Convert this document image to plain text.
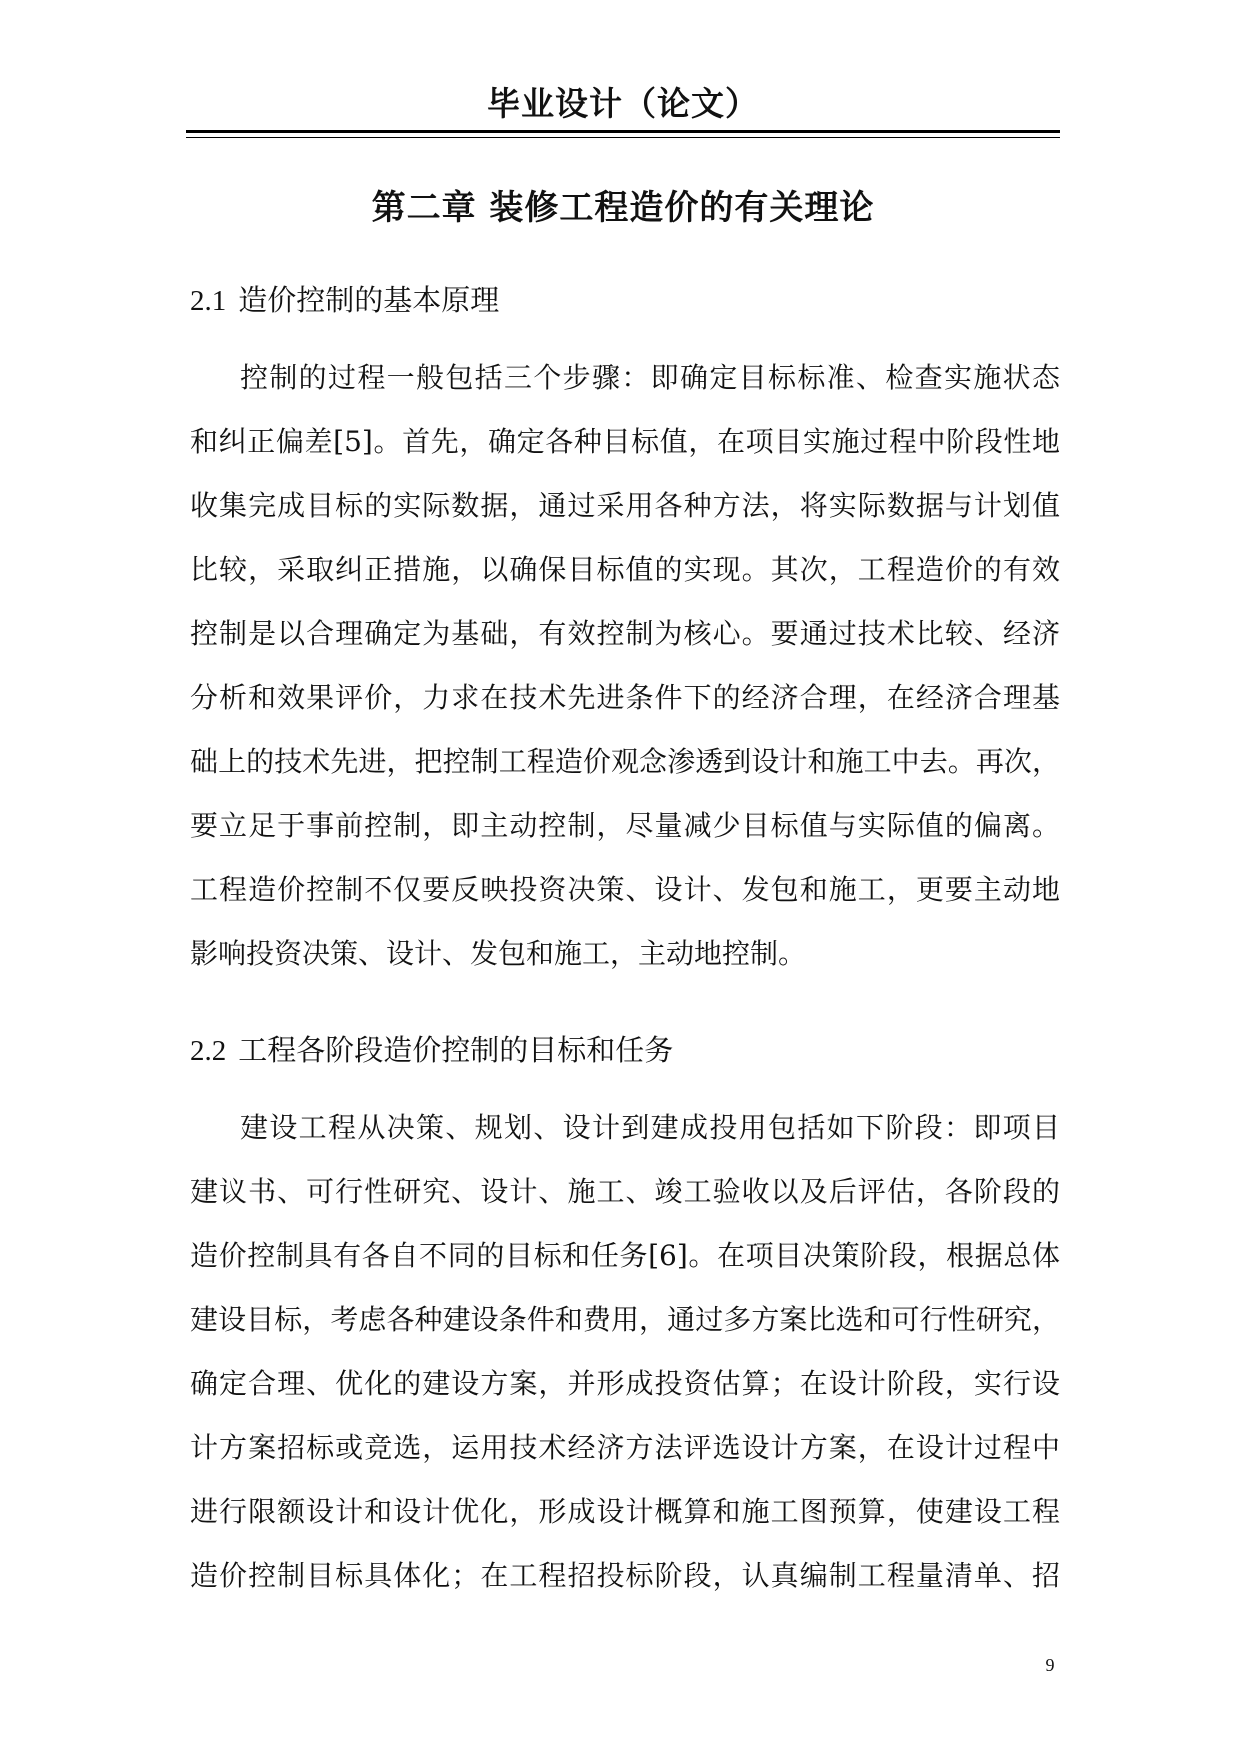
毕业设计（论文）
第二章 装修工程造价的有关理论
2.1 造价控制的基本原理
控制的过程一般包括三个步骤：即确定目标标准、检查实施状态
和纠正偏差[5]。首先，确定各种目标值，在项目实施过程中阶段性地
收集完成目标的实际数据，通过采用各种方法，将实际数据与计划值
比较，采取纠正措施，以确保目标值的实现。其次，工程造价的有效
控制是以合理确定为基础，有效控制为核心。要通过技术比较、经济
分析和效果评价，力求在技术先进条件下的经济合理，在经济合理基
础上的技术先进，把控制工程造价观念渗透到设计和施工中去。再次，
要立足于事前控制，即主动控制，尽量减少目标值与实际值的偏离。
工程造价控制不仅要反映投资决策、设计、发包和施工，更要主动地
影响投资决策、设计、发包和施工，主动地控制。
2.2 工程各阶段造价控制的目标和任务
建设工程从决策、规划、设计到建成投用包括如下阶段：即项目
建议书、可行性研究、设计、施工、竣工验收以及后评估，各阶段的
造价控制具有各自不同的目标和任务[6]。在项目决策阶段，根据总体
建设目标，考虑各种建设条件和费用，通过多方案比选和可行性研究，
确定合理、优化的建设方案，并形成投资估算；在设计阶段，实行设
计方案招标或竞选，运用技术经济方法评选设计方案，在设计过程中
进行限额设计和设计优化，形成设计概算和施工图预算，使建设工程
造价控制目标具体化；在工程招投标阶段，认真编制工程量清单、招
9
